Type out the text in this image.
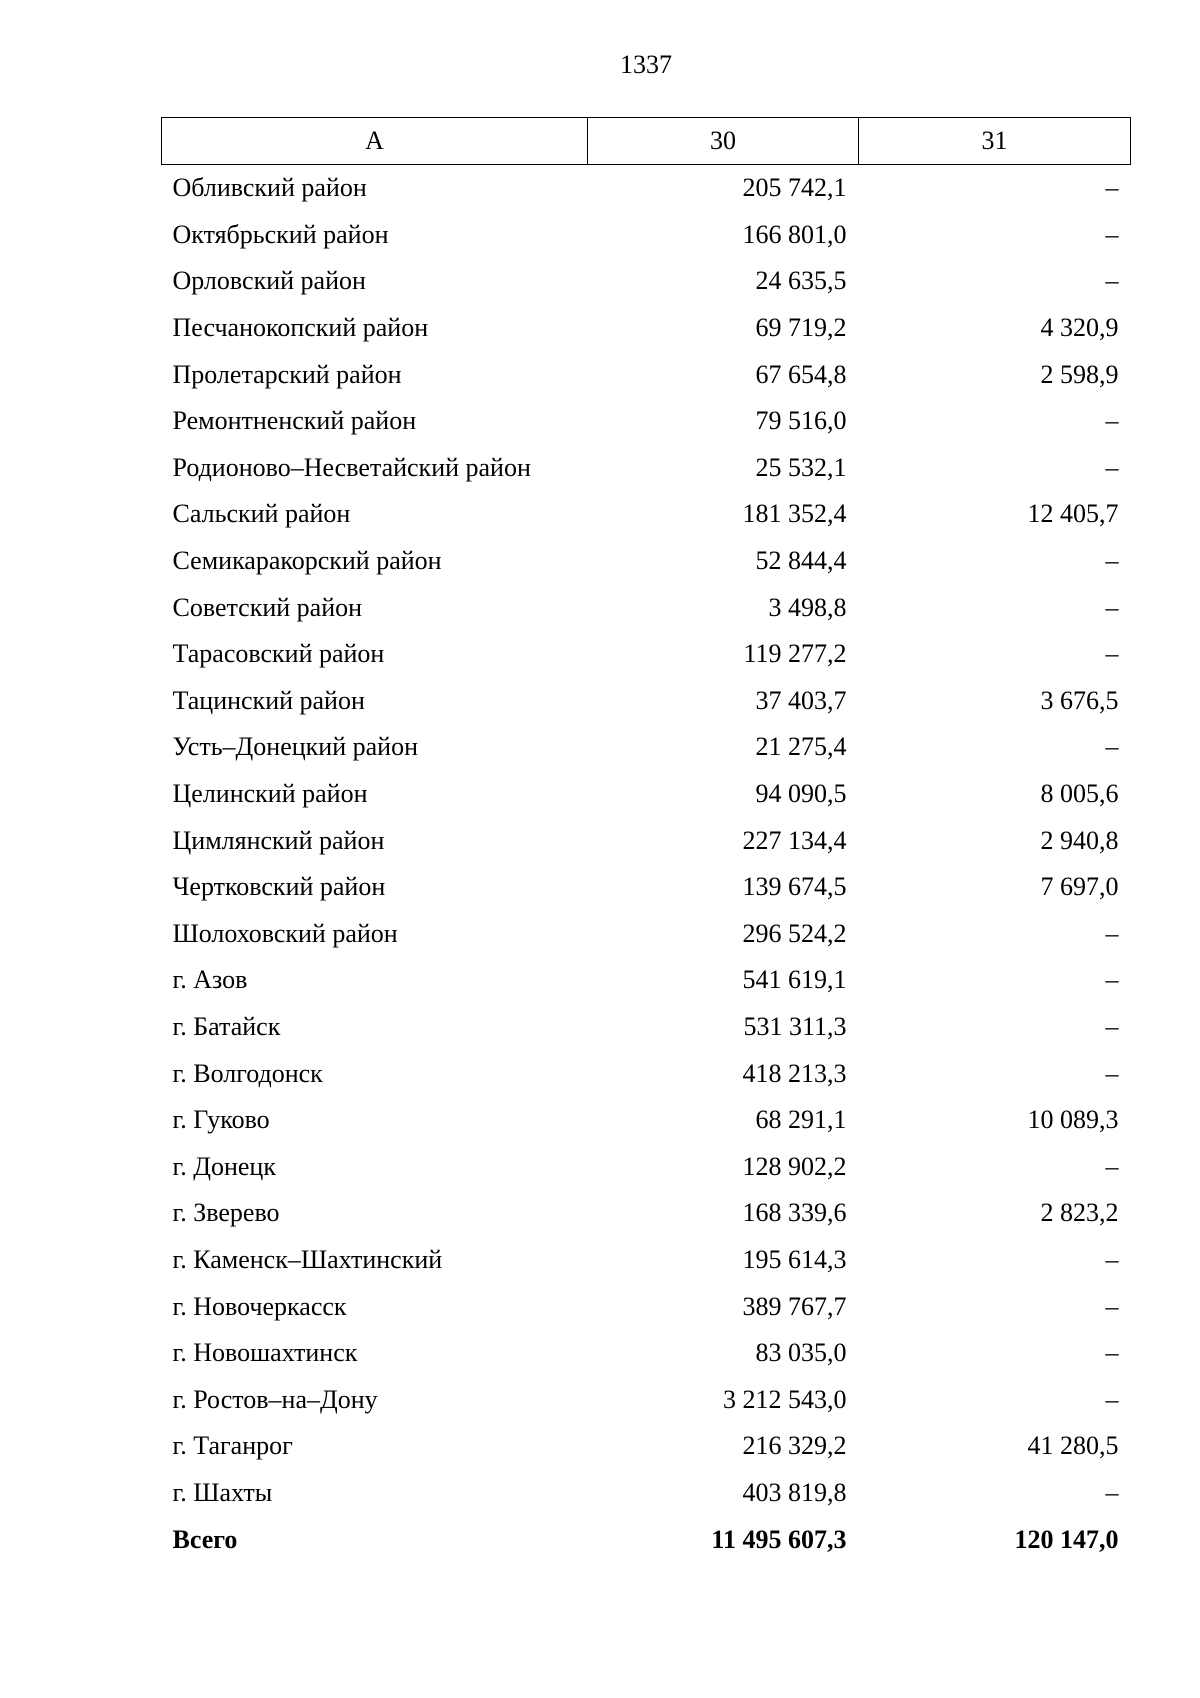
1337
А	30	31
Обливский район	205 742,1	–
Октябрьский район	166 801,0	–
Орловский район	24 635,5	–
Песчанокопский район	69 719,2	4 320,9
Пролетарский район	67 654,8	2 598,9
Ремонтненский район	79 516,0	–
Родионово–Несветайский район	25 532,1	–
Сальский район	181 352,4	12 405,7
Семикаракорский район	52 844,4	–
Советский район	3 498,8	–
Тарасовский район	119 277,2	–
Тацинский район	37 403,7	3 676,5
Усть–Донецкий район	21 275,4	–
Целинский район	94 090,5	8 005,6
Цимлянский район	227 134,4	2 940,8
Чертковский район	139 674,5	7 697,0
Шолоховский район	296 524,2	–
г. Азов	541 619,1	–
г. Батайск	531 311,3	–
г. Волгодонск	418 213,3	–
г. Гуково	68 291,1	10 089,3
г. Донецк	128 902,2	–
г. Зверево	168 339,6	2 823,2
г. Каменск–Шахтинский	195 614,3	–
г. Новочеркасск	389 767,7	–
г. Новошахтинск	83 035,0	–
г. Ростов–на–Дону	3 212 543,0	–
г. Таганрог	216 329,2	41 280,5
г. Шахты	403 819,8	–
Всего	11 495 607,3	120 147,0
